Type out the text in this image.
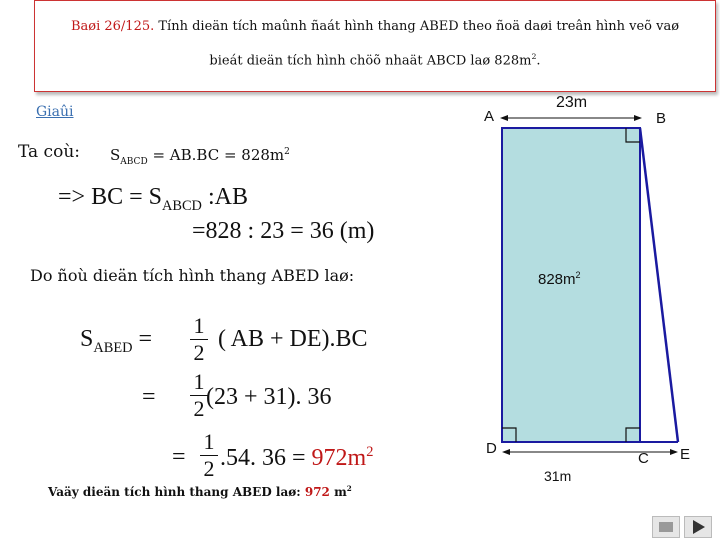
Baøi 26/125. Tính dieän tích maûnh ñaát hình thang ABED theo ñoä daøi treân hình veõ vaø
bieát dieän tích hình chöõ nhaät ABCD laø $828m^2$.
Giaûi
Ta coù: $S_{ABCD} = AB.BC = 828m^2$
=> BC = $S_{ABCD}$ :AB
=828 : 23 = 36 (m)
Do ñoù dieän tích hình thang ABED laø:
$S_{ABED}$ =
1
2
( AB + DE).BC
=
1
2 (23 + 31). 36
=
1
2 .54. $36 = 972m^2$
Vaäy dieän tích hình thang ABED laø: 972 $m^2$
A	B
23m
$828m^2$
D
C E
31m
